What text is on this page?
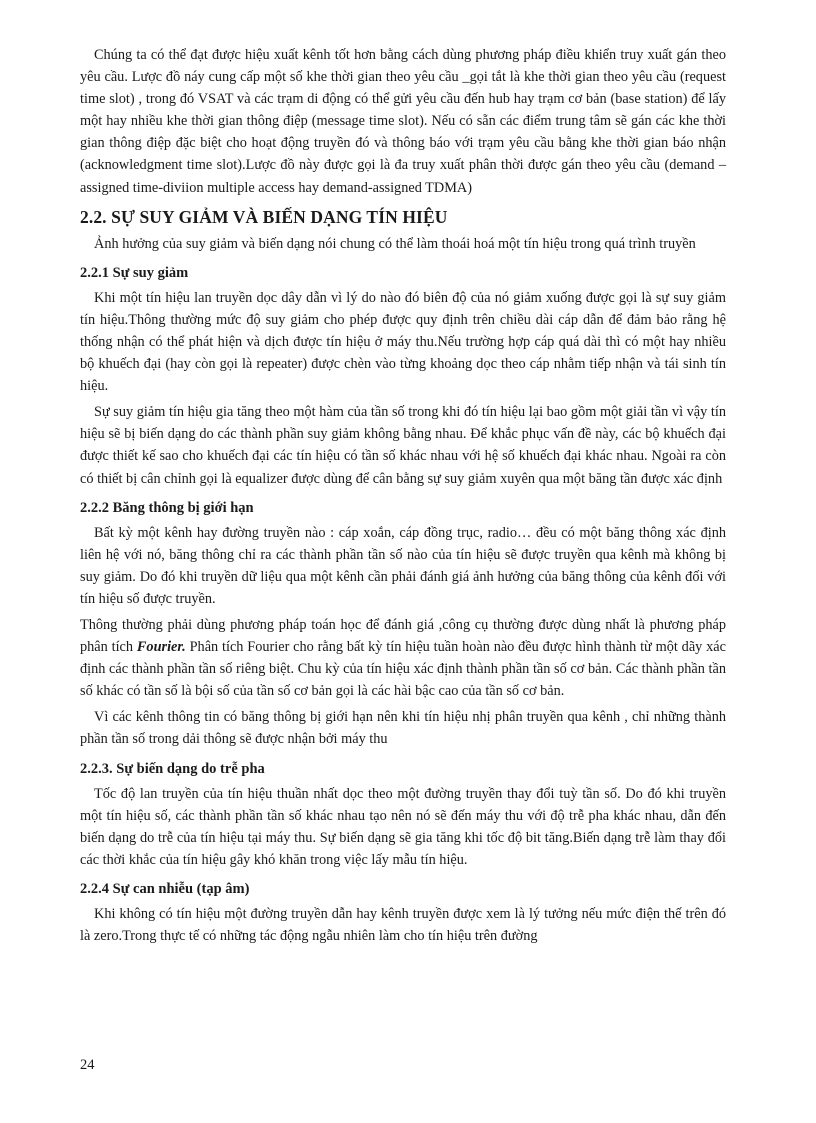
Chúng ta có thể đạt được hiệu xuất kênh tốt hơn bằng cách dùng phương pháp điều khiển truy xuất gán theo yêu cầu. Lược đồ náy cung cấp một số khe thời gian theo yêu cầu _gọi tắt là khe thời gian theo yêu cầu (request time slot) , trong đó VSAT và các trạm di động có thể gửi yêu cầu đến hub hay trạm cơ bản (base station) để lấy một hay nhiều khe thời gian thông điệp (message time slot). Nếu có sẵn các điểm trung tâm sẽ gán các khe thời gian thông điệp đặc biệt cho hoạt động truyền đó và thông báo với trạm yêu cầu bằng khe thời gian báo nhận (acknowledgment time slot).Lược đồ này được gọi là đa truy xuất phân thời được gán theo yêu cầu (demand – assigned time-diviion multiple access hay demand-assigned TDMA)

2.2. SỰ SUY GIẢM VÀ BIẾN DẠNG TÍN HIỆU

Ảnh hưởng của suy giảm và biến dạng nói chung có thể làm thoái hoá một tín hiệu trong quá trình truyền

2.2.1 Sự suy giảm

Khi một tín hiệu lan truyền dọc dây dẫn vì lý do nào đó biên độ của nó giảm xuống được gọi là sự suy giảm tín hiệu.Thông thường mức độ suy giảm cho phép được quy định trên chiều dài cáp dẫn để đảm bảo rằng hệ thống nhận có thể phát hiện và dịch được tín hiệu ở máy thu.Nếu trường hợp cáp quá dài thì có một hay nhiều bộ khuếch đại (hay còn gọi là repeater) được chèn vào từng khoảng dọc theo cáp nhằm tiếp nhận và tái sinh tín hiệu.

Sự suy giảm tín hiệu gia tăng theo một hàm của tần số trong khi đó tín hiệu lại bao gồm một giải tần vì vậy tín hiệu sẽ bị biến dạng do các thành phần suy giảm không bằng nhau. Để khắc phục vấn đề này, các bộ khuếch đại được thiết kế sao cho khuếch đại các tín hiệu có tần số khác nhau với hệ số khuếch đại khác nhau. Ngoài ra còn có thiết bị cân chỉnh gọi là equalizer được dùng để cân bằng sự suy giảm xuyên qua một băng tần được xác định

2.2.2 Băng thông bị giới hạn

Bất kỳ một kênh hay đường truyền nào : cáp xoắn, cáp đồng trục, radio… đều có một băng thông xác định liên hệ với nó, băng thông chỉ ra các thành phần tần số nào của tín hiệu sẽ được truyền qua kênh mà không bị suy giảm. Do đó khi truyền dữ liệu qua một kênh cần phải đánh giá ảnh hưởng của băng thông của kênh đối với tín hiệu số được truyền.

Thông thường phải dùng phương pháp toán học để đánh giá ,công cụ thường được dùng nhất là phương pháp phân tích Fourier. Phân tích Fourier cho rằng bất kỳ tín hiệu tuần hoàn nào đều được hình thành từ một dãy xác định các thành phần tần số riêng biệt. Chu kỳ của tín hiệu xác định thành phần tần số cơ bản. Các thành phần tần số khác có tần số là bội số của tần số cơ bản gọi là các hài bậc cao của tần số cơ bản.

Vì các kênh thông tin có băng thông bị giới hạn nên khi tín hiệu nhị phân truyền qua kênh , chỉ những thành phần tần số trong dải thông sẽ được nhận bởi máy thu

2.2.3. Sự biến dạng do trễ pha

Tốc độ lan truyền của tín hiệu thuần nhất dọc theo một đường truyền thay đổi tuỳ tần số. Do đó khi truyền một tín hiệu số, các thành phần tần số khác nhau tạo nên nó sẽ đến máy thu với độ trễ pha khác nhau, dẫn đến biến dạng do trễ của tín hiệu tại máy thu. Sự biến dạng sẽ gia tăng khi tốc độ bit tăng.Biến dạng trễ làm thay đổi các thời khắc của tín hiệu gây khó khăn trong việc lấy mẫu tín hiệu.

2.2.4 Sự can nhiễu (tạp âm)

Khi không có tín hiệu một đường truyền dẫn hay kênh truyền được xem là lý tưởng nếu mức điện thế trên đó là zero.Trong thực tế có những tác động ngẫu nhiên làm cho tín hiệu trên đường

24
